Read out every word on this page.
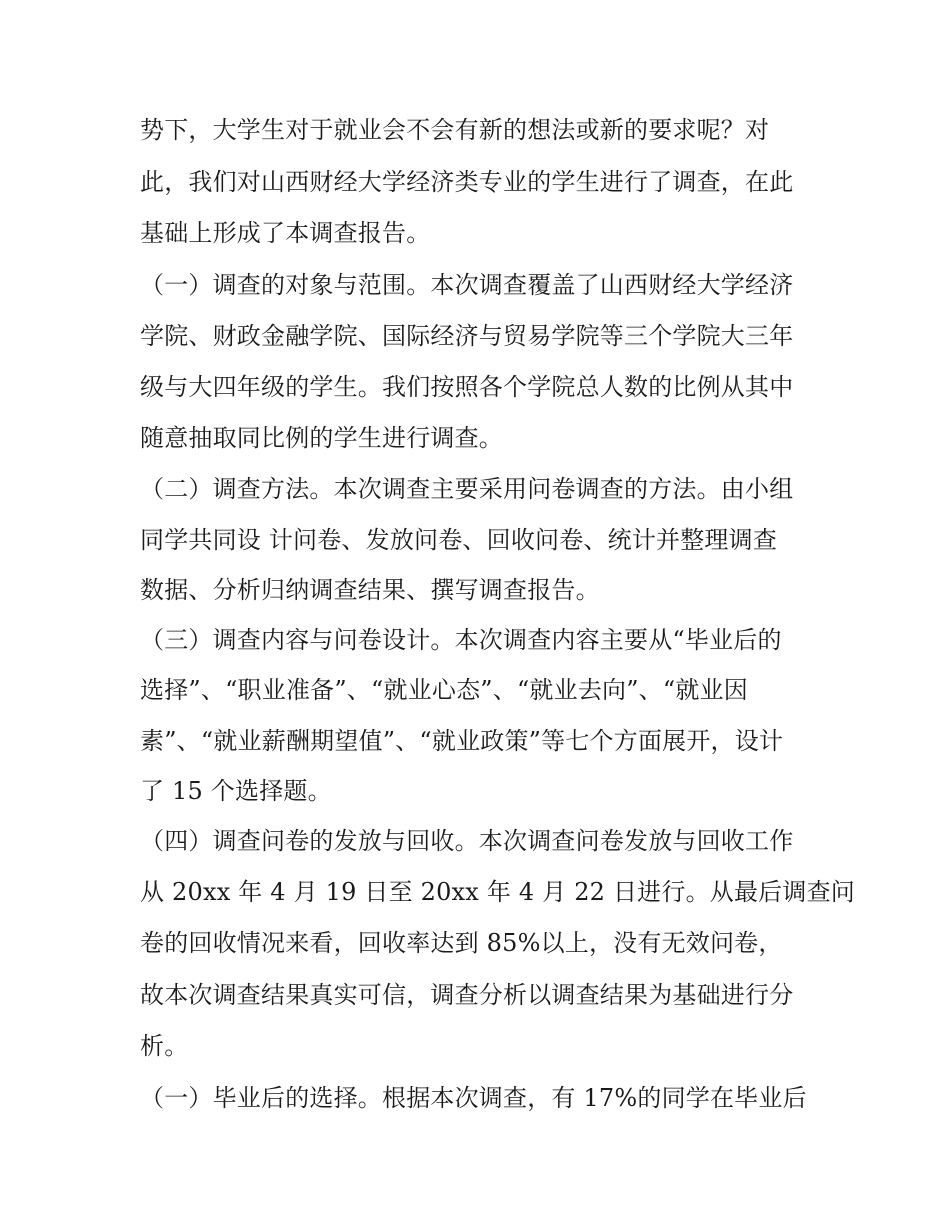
势下，大学生对于就业会不会有新的想法或新的要求呢？对
此，我们对山西财经大学经济类专业的学生进行了调查，在此
基础上形成了本调查报告。
（一）调查的对象与范围。本次调查覆盖了山西财经大学经济
学院、财政金融学院、国际经济与贸易学院等三个学院大三年
级与大四年级的学生。我们按照各个学院总人数的比例从其中
随意抽取同比例的学生进行调查。
（二）调查方法。本次调查主要采用问卷调查的方法。由小组
同学共同设 计问卷、发放问卷、回收问卷、统计并整理调查
数据、分析归纳调查结果、撰写调查报告。
（三）调查内容与问卷设计。本次调查内容主要从“毕业后的
选择”、“职业准备”、“就业心态”、“就业去向”、“就业因
素”、“就业薪酬期望值”、“就业政策”等七个方面展开，设计
了 15 个选择题。
（四）调查问卷的发放与回收。本次调查问卷发放与回收工作
从 20xx 年 4 月 19 日至 20xx 年 4 月 22 日进行。从最后调查问
卷的回收情况来看，回收率达到 85%以上，没有无效问卷，
故本次调查结果真实可信，调查分析以调查结果为基础进行分
析。
（一）毕业后的选择。根据本次调查，有 17%的同学在毕业后
